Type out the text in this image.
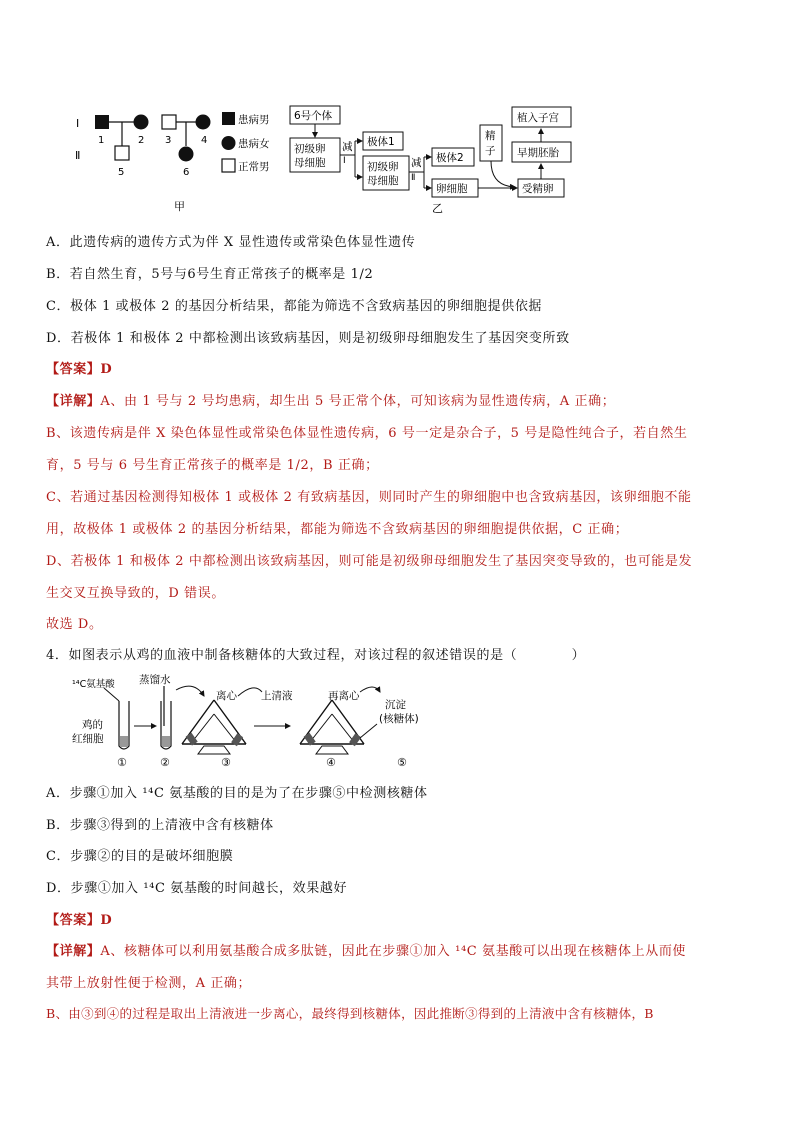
I
Ⅱ
1	2 3	4
5	6
患病男
患病女
正常男
甲
6号个体
初级卵
母细胞
减
Ⅰ
极体1
初级卵
母细胞
减
Ⅱ
极体2
卵细胞
精
子
受精卵
早期胚胎
植入子宫
乙
A．此遗传病的遗传方式为伴 X 显性遗传或常染色体显性遗传
B．若自然生育，5号与6号生育正常孩子的概率是 1/2
C．极体 1 或极体 2 的基因分析结果，都能为筛选不含致病基因的卵细胞提供依据
D．若极体 1 和极体 2 中都检测出该致病基因，则是初级卵母细胞发生了基因突变所致
【答案】D
【详解】A、由 1 号与 2 号均患病，却生出 5 号正常个体，可知该病为显性遗传病，A 正确；
B、该遗传病是伴 X 染色体显性或常染色体显性遗传病，6 号一定是杂合子，5 号是隐性纯合子，若自然生
育，5 号与 6 号生育正常孩子的概率是 1/2，B 正确；
C、若通过基因检测得知极体 1 或极体 2 有致病基因，则同时产生的卵细胞中也含致病基因，该卵细胞不能
用，故极体 1 或极体 2 的基因分析结果，都能为筛选不含致病基因的卵细胞提供依据，C 正确；
D、若极体 1 和极体 2 中都检测出该致病基因，则可能是初级卵母细胞发生了基因突变导致的，也可能是发
生交叉互换导致的，D 错误。
故选 D。
4．如图表示从鸡的血液中制备核糖体的大致过程，对该过程的叙述错误的是（　　　　）
¹⁴C氨基酸 蒸馏水
离心 上清液	再离心
沉淀
(核糖体)
鸡的
红细胞
①	②	③	④	⑤
A．步骤①加入 ¹⁴C 氨基酸的目的是为了在步骤⑤中检测核糖体
B．步骤③得到的上清液中含有核糖体
C．步骤②的目的是破坏细胞膜
D．步骤①加入 ¹⁴C 氨基酸的时间越长，效果越好
【答案】D
【详解】A、核糖体可以利用氨基酸合成多肽链，因此在步骤①加入 ¹⁴C 氨基酸可以出现在核糖体上从而使
其带上放射性便于检测，A 正确；
B、由③到④的过程是取出上清液进一步离心，最终得到核糖体，因此推断③得到的上清液中含有核糖体，B
